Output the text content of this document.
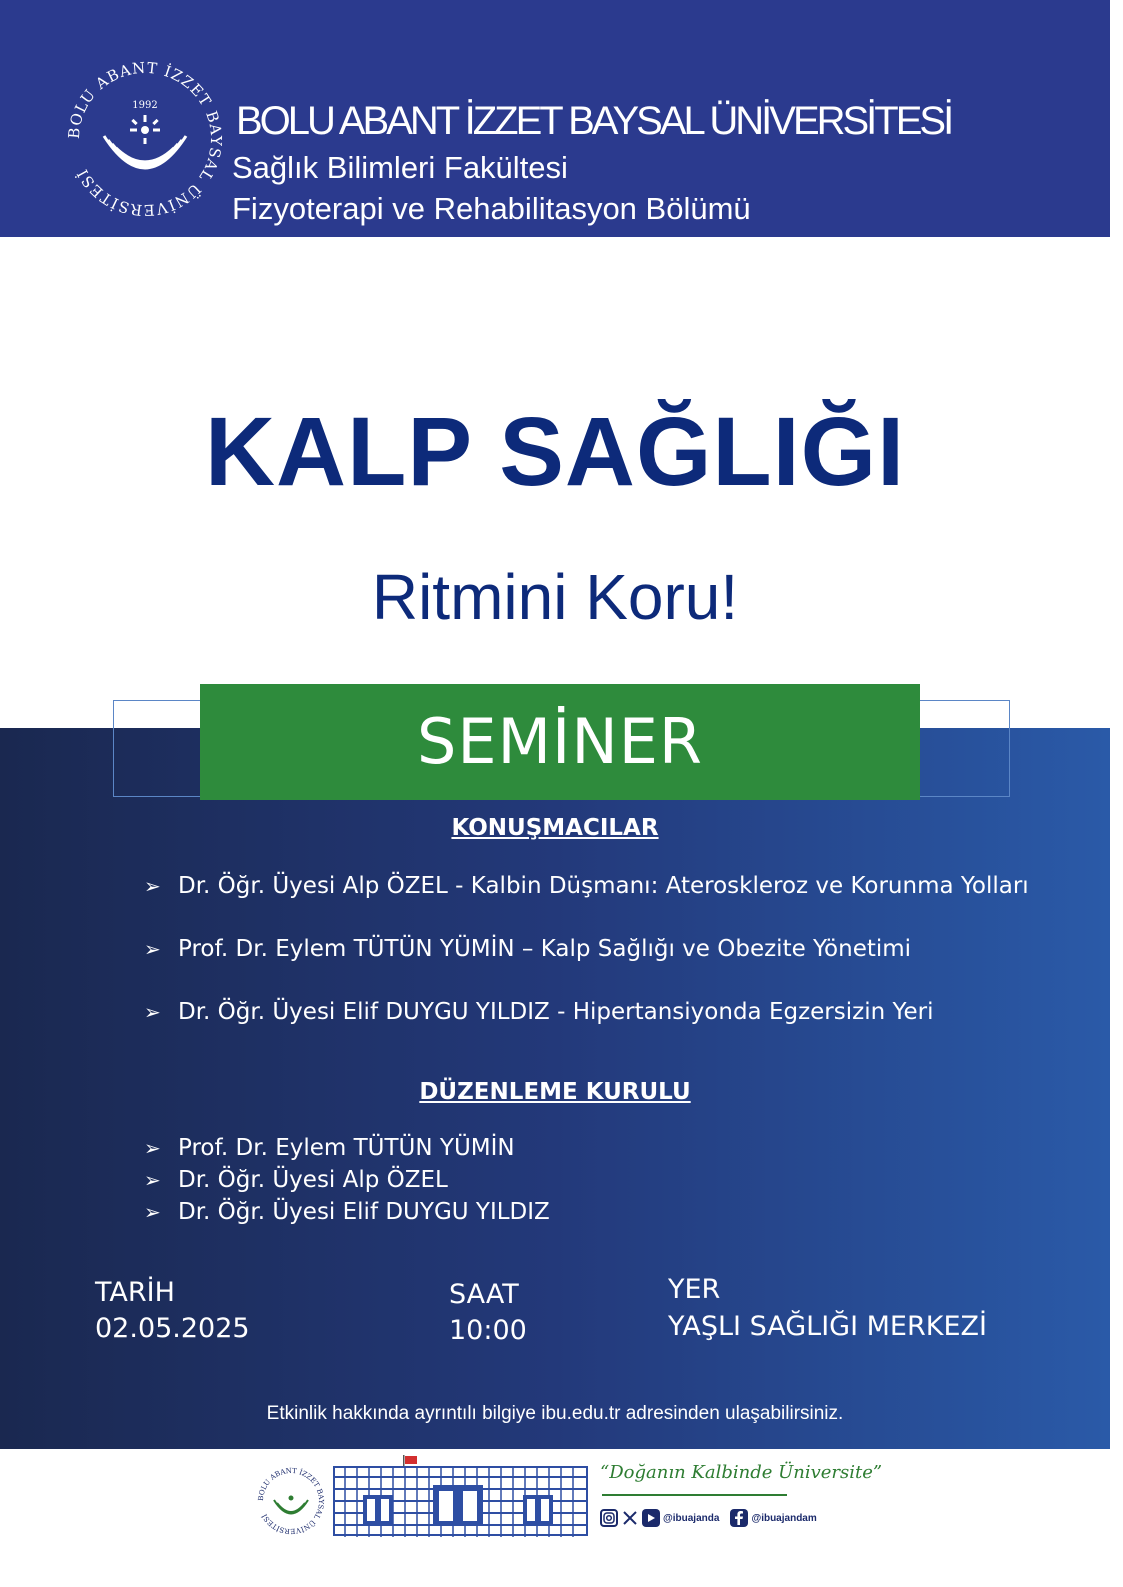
BOLU ABANT İZZET BAYSAL ÜNİVERSİTESİ
1992 BOLU ABANT İZZET BAYSAL ÜNİVERSİTESİ
Sağlık Bilimleri Fakültesi
Fizyoterapi ve Rehabilitasyon Bölümü
KALP SAĞLIĞI
Ritmini Koru!
SEMİNER
KONUŞMACILAR
➢ Dr. Öğr. Üyesi Alp ÖZEL - Kalbin Düşmanı: Ateroskleroz ve Korunma Yolları
➢ Prof. Dr. Eylem TÜTÜN YÜMİN – Kalp Sağlığı ve Obezite Yönetimi
➢ Dr. Öğr. Üyesi Elif DUYGU YILDIZ - Hipertansiyonda Egzersizin Yeri
DÜZENLEME KURULU
➢ Prof. Dr. Eylem TÜTÜN YÜMİN
➢ Dr. Öğr. Üyesi Alp ÖZEL
➢ Dr. Öğr. Üyesi Elif DUYGU YILDIZ
TARİH
02.05.2025
SAAT
10:00
YER
YAŞLI SAĞLIĞI MERKEZİ
Etkinlik hakkında ayrıntılı bilgiye ibu.edu.tr adresinden ulaşabilirsiniz.
BOLU ABANT İZZET BAYSAL ÜNİVERSİTESİ
“Doğanın Kalbinde Üniversite”
@ibuajanda	@ibuajandam
